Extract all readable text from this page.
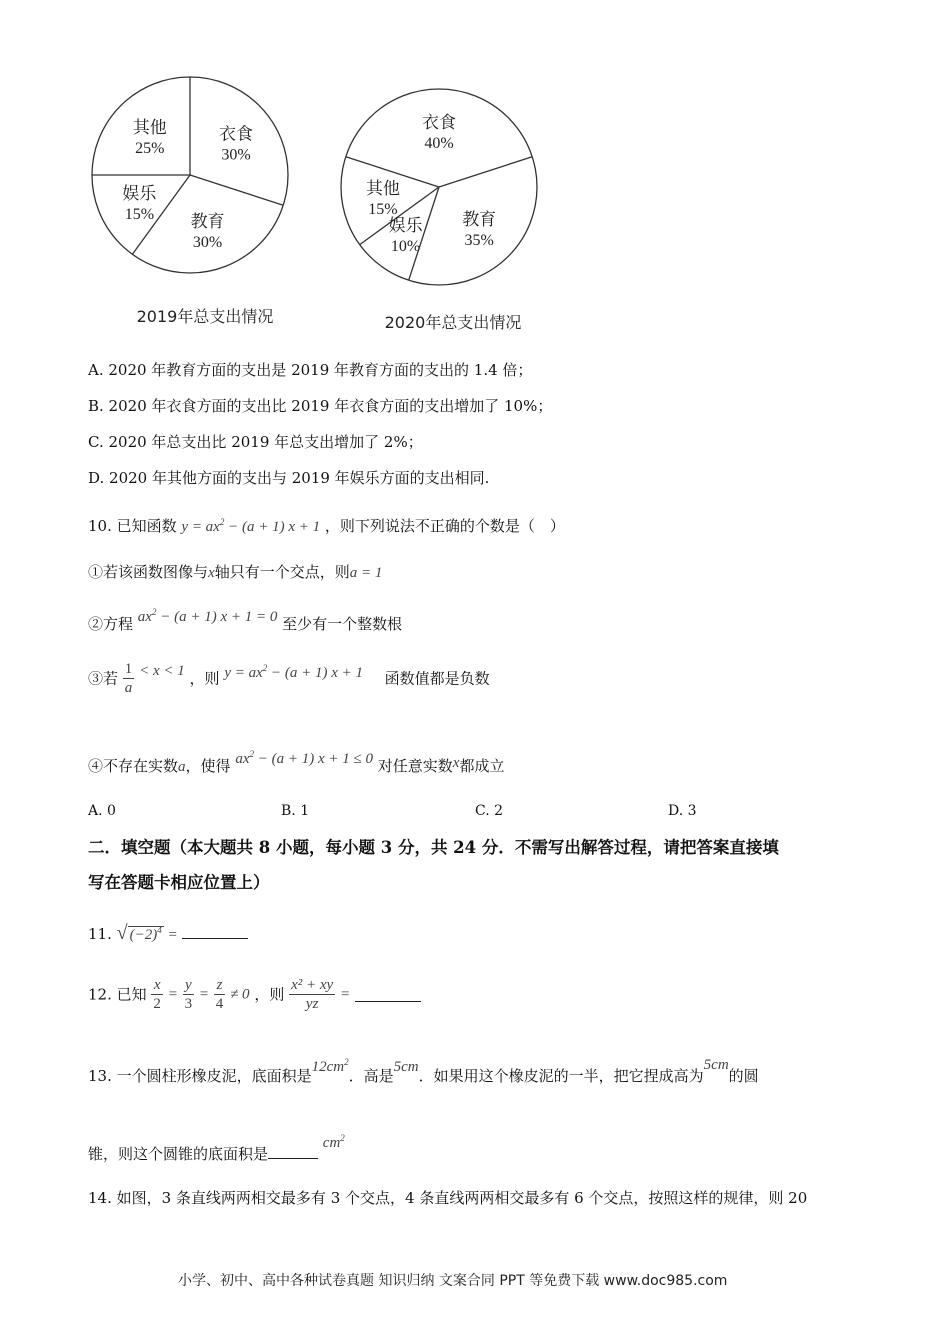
其他
25%
衣食
30%
教育
30%
娱乐
15%
2019年总支出情况
其他
15%
衣食
40%
教育
35%
娱乐
10%
2020年总支出情况
A. 2020 年教育方面的支出是 2019 年教育方面的支出的 1.4 倍；
B. 2020 年衣食方面的支出比 2019 年衣食方面的支出增加了 10%；
C. 2020 年总支出比 2019 年总支出增加了 2%；
D. 2020 年其他方面的支出与 2019 年娱乐方面的支出相同.
10. 已知函数 $y = ax^2 - (a + 1) x + 1$ ，则下列说法不正确的个数是（　）
①若该函数图像与x轴只有一个交点，则a = 1
②方程 $ax^2 - (a + 1) x + 1 = 0$ 至少有一个整数根
③若 $\frac{1}{a} < x < 1$ ，则 $y = ax^2 - (a + 1) x + 1$ 函数值都是负数
④不存在实数a，使得 $ax^2 - (a + 1) x + 1 \le 0$ 对任意实数x都成立
A. 0	B. 1	C. 2	D. 3
二．填空题（本大题共 8 小题，每小题 3 分，共 24 分．不需写出解答过程，请把答案直接填
写在答题卡相应位置上）
11. √ $(-2)^4$ =
12. 已知 $\frac{x}{2} = \frac{y}{3} = \frac{z}{4} \ne 0$ ，则 $\frac{\text{x² + xy}}{yz}$ =
13. 一个圆柱形橡皮泥，底面积是$12cm^2$．高是5cm．如果用这个橡皮泥的一半，把它捏成高为5cm的圆
锥，则这个圆锥的底面积是 $cm^2$
14. 如图，3 条直线两两相交最多有 3 个交点，4 条直线两两相交最多有 6 个交点，按照这样的规律，则 20
小学、初中、高中各种试卷真题 知识归纳 文案合同 PPT 等免费下载 www.doc985.com
